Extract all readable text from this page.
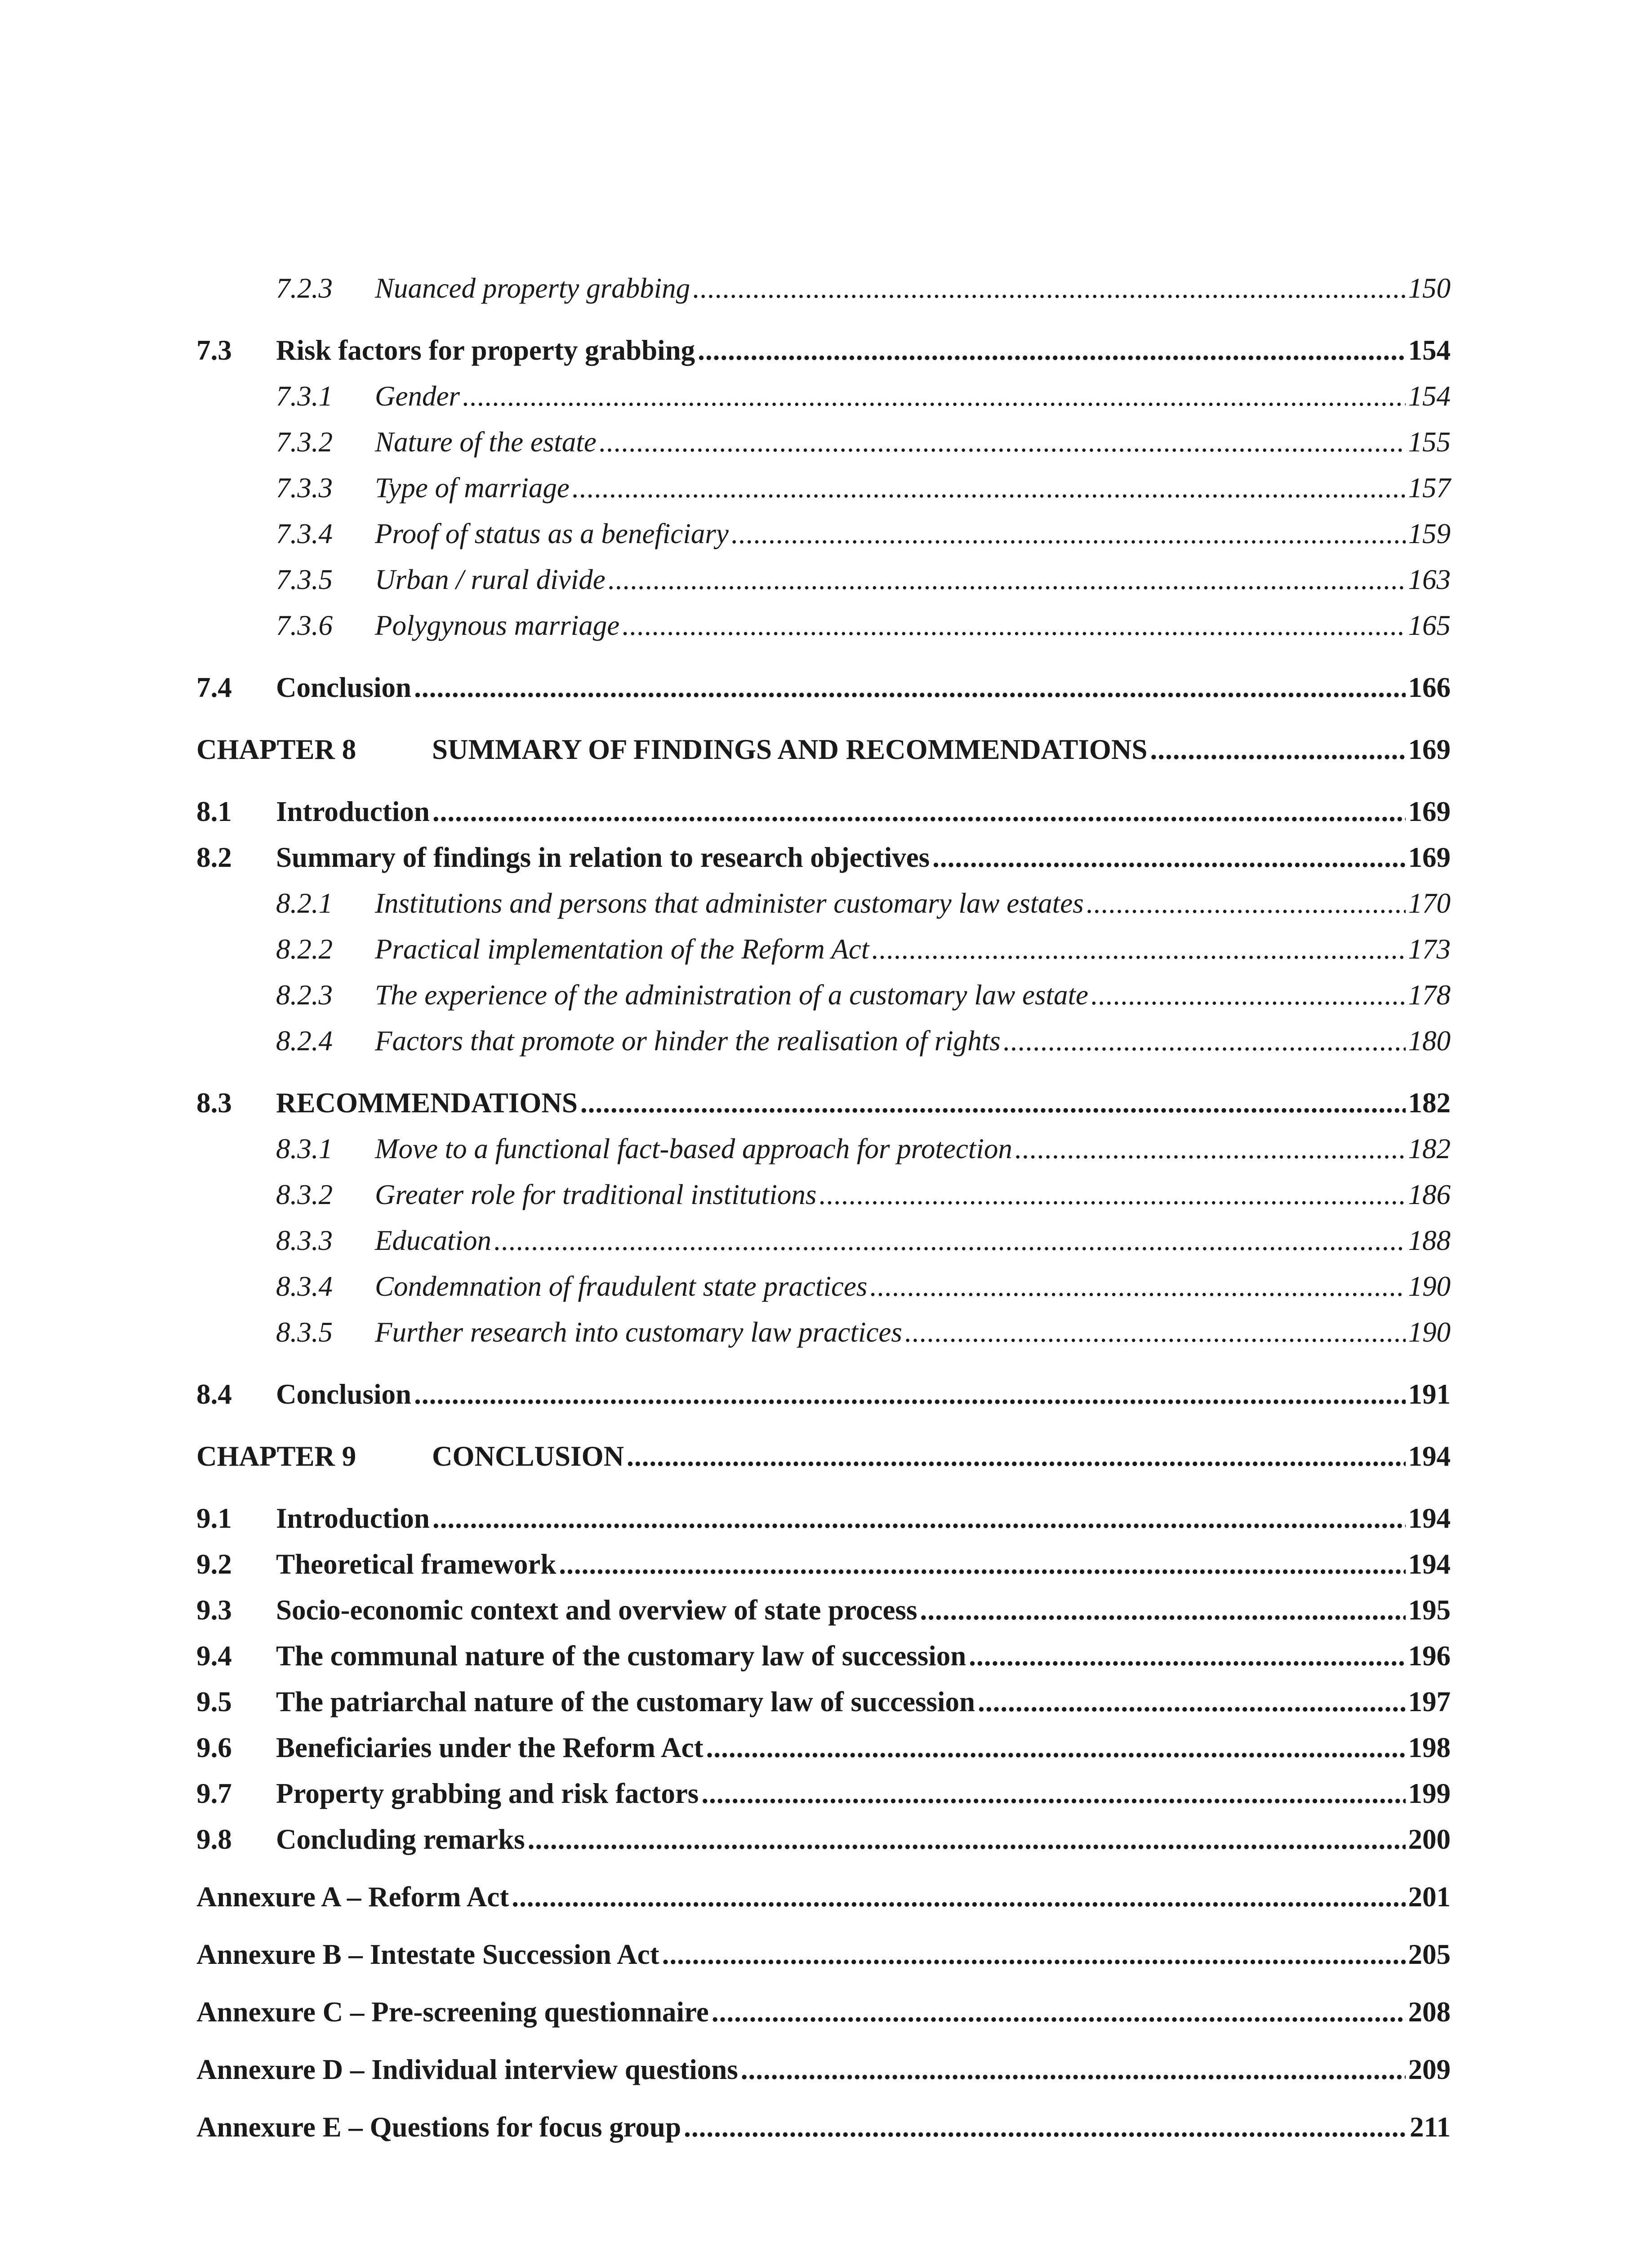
7.2.3	Nuanced property grabbing .....	150
7.3	Risk factors for property grabbing .....	154
7.3.1	Gender .....	154
7.3.2	Nature of the estate .....	155
7.3.3	Type of marriage .....	157
7.3.4	Proof of status as a beneficiary .....	159
7.3.5	Urban / rural divide .....	163
7.3.6	Polygynous marriage .....	165
7.4	Conclusion .....	166
CHAPTER 8	SUMMARY OF FINDINGS AND RECOMMENDATIONS .....	169
8.1	Introduction .....	169
8.2	Summary of findings in relation to research objectives .....	169
8.2.1	Institutions and persons that administer customary law estates .....	170
8.2.2	Practical implementation of the Reform Act .....	173
8.2.3	The experience of the administration of a customary law estate .....	178
8.2.4	Factors that promote or hinder the realisation of rights .....	180
8.3	RECOMMENDATIONS .....	182
8.3.1	Move to a functional fact-based approach for protection .....	182
8.3.2	Greater role for traditional institutions .....	186
8.3.3	Education .....	188
8.3.4	Condemnation of fraudulent state practices .....	190
8.3.5	Further research into customary law practices .....	190
8.4	Conclusion .....	191
CHAPTER 9	CONCLUSION .....	194
9.1	Introduction .....	194
9.2	Theoretical framework .....	194
9.3	Socio-economic context and overview of state process .....	195
9.4	The communal nature of the customary law of succession .....	196
9.5	The patriarchal nature of the customary law of succession .....	197
9.6	Beneficiaries under the Reform Act .....	198
9.7	Property grabbing and risk factors .....	199
9.8	Concluding remarks .....	200
Annexure A – Reform Act .....	201
Annexure B – Intestate Succession Act .....	205
Annexure C – Pre-screening questionnaire .....	208
Annexure D – Individual interview questions .....	209
Annexure E – Questions for focus group .....	211
